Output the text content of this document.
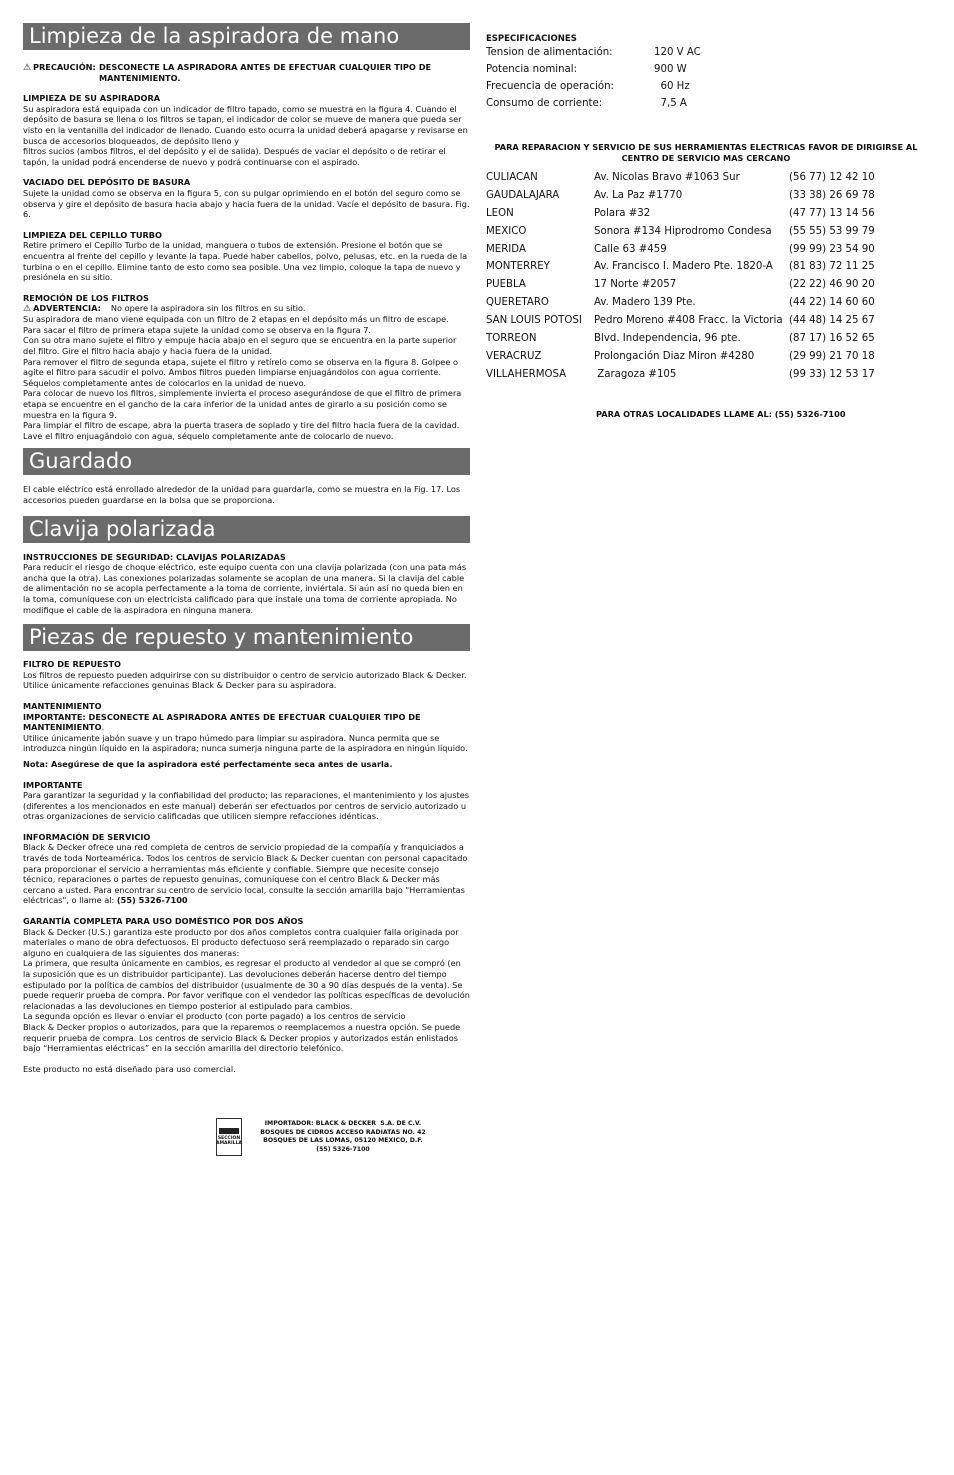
Limpieza de la aspiradora de mano
⚠ PRECAUCIÓN: DESCONECTE LA ASPIRADORA ANTES DE EFECTUAR CUALQUIER TIPO DE MANTENIMIENTO.

LIMPIEZA DE SU ASPIRADORA

Su aspiradora está equipada con un indicador de filtro tapado, como se muestra en la figura 4. Cuando el depósito de basura se llena o los filtros se tapan, el indicador de color se mueve de manera que pueda ser visto en la ventanilla del indicador de llenado. Cuando esto ocurra la unidad deberá apagarse y revisarse en busca de accesorios bloqueados, de depósito lleno y

filtros sucios (ambos filtros, el del depósito y el de salida). Después de vaciar el depósito o de retirar el tapón, la unidad podrá encenderse de nuevo y podrá continuarse con el aspirado.

VACIADO DEL DEPÓSITO DE BASURA

Sujete la unidad como se observa en la figura 5, con su pulgar oprimiendo en el botón del seguro como se observa y gire el depósito de basura hacia abajo y hacia fuera de la unidad. Vacíe el depósito de basura. Fig. 6.

LIMPIEZA DEL CEPILLO TURBO

Retire primero el Cepillo Turbo de la unidad, manguera o tubos de extensión. Presione el botón que se encuentra al frente del cepillo y levante la tapa. Puede haber cabellos, polvo, pelusas, etc. en la rueda de la turbina o en el cepillo. Elimine tanto de esto como sea posible. Una vez limpio, coloque la tapa de nuevo y presiónela en su sitio.

REMOCIÓN DE LOS FILTROS

⚠ ADVERTENCIA: No opere la aspiradora sin los filtros en su sitio.

Su aspiradora de mano viene equipada con un filtro de 2 etapas en el depósito más un filtro de escape.

Para sacar el filtro de primera etapa sujete la unidad como se observa en la figura 7.

Con su otra mano sujete el filtro y empuje hacia abajo en el seguro que se encuentra en la parte superior del filtro. Gire el filtro hacia abajo y hacia fuera de la unidad.

Para remover el filtro de segunda etapa, sujete el filtro y retírelo como se observa en la figura 8. Golpee o agite el filtro para sacudir el polvo. Ambos filtros pueden limpiarse enjuagándolos con agua corriente. Séquelos completamente antes de colocarlos en la unidad de nuevo.

Para colocar de nuevo los filtros, simplemente invierta el proceso asegurándose de que el filtro de primera etapa se encuentre en el gancho de la cara inferior de la unidad antes de girarlo a su posición como se muestra en la figura 9.

Para limpiar el filtro de escape, abra la puerta trasera de soplado y tire del filtro hacia fuera de la cavidad. Lave el filtro enjuagándolo con agua, séquelo completamente ante de colocarlo de nuevo.

Guardado

El cable eléctrico está enrollado alrededor de la unidad para guardarla, como se muestra en la Fig. 17. Los accesorios pueden guardarse en la bolsa que se proporciona.

Clavija polarizada

INSTRUCCIONES DE SEGURIDAD: CLAVIJAS POLARIZADAS

Para reducir el riesgo de choque eléctrico, este equipo cuenta con una clavija polarizada (con una pata más ancha que la otra). Las conexiones polarizadas solamente se acoplan de una manera. Si la clavija del cable de alimentación no se acopla perfectamente a la toma de corriente, inviértala. Si aún así no queda bien en la toma, comuníquese con un electricista calificado para que instale una toma de corriente apropiada. No modifique el cable de la aspiradora en ninguna manera.

Piezas de repuesto y mantenimiento

FILTRO DE REPUESTO

Los filtros de repuesto pueden adquirirse con su distribuidor o centro de servicio autorizado Black & Decker. Utilice únicamente refacciones genuinas Black & Decker para su aspiradora.

MANTENIMIENTO

IMPORTANTE: DESCONECTE AL ASPIRADORA ANTES DE EFECTUAR CUALQUIER TIPO DE MANTENIMIENTO.

Utilice únicamente jabón suave y un trapo húmedo para limpiar su aspiradora. Nunca permita que se introduzca ningún líquido en la aspiradora; nunca sumerja ninguna parte de la aspiradora en ningún líquido.

Nota: Asegúrese de que la aspiradora esté perfectamente seca antes de usarla.

IMPORTANTE

Para garantizar la seguridad y la confiabilidad del producto; las reparaciones, el mantenimiento y los ajustes (diferentes a los mencionados en este manual) deberán ser efectuados por centros de servicio autorizado u otras organizaciones de servicio calificadas que utilicen siempre refacciones idénticas.

INFORMACIÓN DE SERVICIO

Black & Decker ofrece una red completa de centros de servicio propiedad de la compañía y franquiciados a través de toda Norteamérica. Todos los centros de servicio Black & Decker cuentan con personal capacitado para proporcionar el servicio a herramientas más eficiente y confiable. Siempre que necesite consejo técnico, reparaciones o partes de repuesto genuinas, comuníquese con el centro Black & Decker más cercano a usted. Para encontrar su centro de servicio local, consulte la sección amarilla bajo "Herramientas eléctricas", o llame al: (55) 5326-7100

GARANTÍA COMPLETA PARA USO DOMÉSTICO POR DOS AÑOS

Black & Decker (U.S.) garantiza este producto por dos años completos contra cualquier falla originada por materiales o mano de obra defectuosos. El producto defectuoso será reemplazado o reparado sin cargo alguno en cualquiera de las siguientes dos maneras:

La primera, que resulta únicamente en cambios, es regresar el producto al vendedor al que se compró (en la suposición que es un distribuidor participante). Las devoluciones deberán hacerse dentro del tiempo estipulado por la política de cambios del distribuidor (usualmente de 30 a 90 días después de la venta). Se puede requerir prueba de compra. Por favor verifique con el vendedor las políticas específicas de devolución relacionadas a las devoluciones en tiempo posterior al estipulado para cambios.

La segunda opción es llevar o enviar el producto (con porte pagado) a los centros de servicio

Black & Decker propios o autorizados, para que la reparemos o reemplacemos a nuestra opción. Se puede requerir prueba de compra. Los centros de servicio Black & Decker propios y autorizados están enlistados bajo “Herramientas eléctricas” en la sección amarilla del directorio telefónico.

Este producto no está diseñado para uso comercial.

ESPECIFICACIONES

Tension de alimentación:	120 V AC
Potencia nominal:	900 W
Frecuencia de operación:	60 Hz
Consumo de corriente:	7,5 A
PARA REPARACION Y SERVICIO DE SUS HERRAMIENTAS ELECTRICAS FAVOR DE DIRIGIRSE AL CENTRO DE SERVICIO MAS CERCANO
CULIACAN	Av. Nicolas Bravo #1063 Sur	(56 77) 12 42 10
GAUDALAJARA	Av. La Paz #1770	(33 38) 26 69 78
LEON	Polara #32	(47 77) 13 14 56
MEXICO	Sonora #134 Hiprodromo Condesa	(55 55) 53 99 79
MERIDA	Calle 63 #459	(99 99) 23 54 90
MONTERREY	Av. Francisco I. Madero Pte. 1820-A	(81 83) 72 11 25
PUEBLA	17 Norte #2057	(22 22) 46 90 20
QUERETARO	Av. Madero 139 Pte.	(44 22) 14 60 60
SAN LOUIS POTOSI	Pedro Moreno #408 Fracc. la Victoria	(44 48) 14 25 67
TORREON	Blvd. Independencia, 96 pte.	(87 17) 16 52 65
VERACRUZ	Prolongación Diaz Miron #4280	(29 99) 21 70 18
VILLAHERMOSA	Zaragoza #105	(99 33) 12 53 17
PARA OTRAS LOCALIDADES LLAME AL: (55) 5326-7100
SECCION
AMARILLA
IMPORTADOR: BLACK & DECKER  S.A. DE C.V.
BOSQUES DE CIDROS ACCESO RADIATAS NO. 42
BOSQUES DE LAS LOMAS, 05120 MEXICO, D.F.
(55) 5326-7100
